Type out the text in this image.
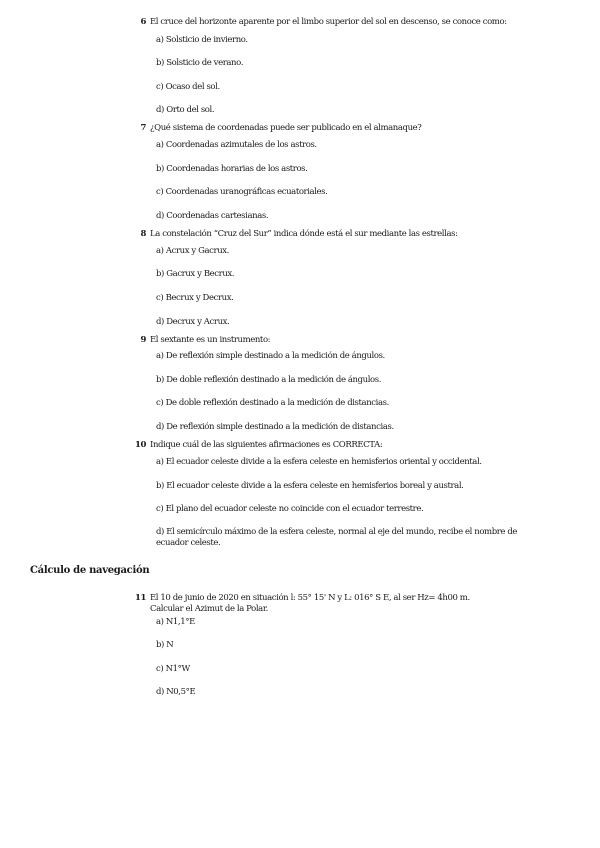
6 El cruce del horizonte aparente por el limbo superior del sol en descenso, se conoce como:
a) Solsticio de invierno.
b) Solsticio de verano.
c) Ocaso del sol.
d) Orto del sol.
7 ¿Qué sistema de coordenadas puede ser publicado en el almanaque?
a) Coordenadas azimutales de los astros.
b) Coordenadas horarias de los astros.
c) Coordenadas uranográficas ecuatoriales.
d) Coordenadas cartesianas.
8 La constelación “Cruz del Sur” indica dónde está el sur mediante las estrellas:
a) Acrux y Gacrux.
b) Gacrux y Becrux.
c) Becrux y Decrux.
d) Decrux y Acrux.
9 El sextante es un instrumento:
a) De reflexión simple destinado a la medición de ángulos.
b) De doble reflexión destinado a la medición de ángulos.
c) De doble reflexión destinado a la medición de distancias.
d) De reflexión simple destinado a la medición de distancias.
10 Indique cuál de las siguientes afirmaciones es CORRECTA:
a) El ecuador celeste divide a la esfera celeste en hemisferios oriental y occidental.
b) El ecuador celeste divide a la esfera celeste en hemisferios boreal y austral.
c) El plano del ecuador celeste no coincide con el ecuador terrestre.
d) El semicírculo máximo de la esfera celeste, normal al eje del mundo, recibe el nombre de ecuador celeste.
Cálculo de navegación
11 El 10 de junio de 2020 en situación l: 55° 15' N y L: 016° S E, al ser Hz= 4h00 m. Calcular el Azimut de la Polar.
a) N1,1°E
b) N
c) N1°W
d) N0,5°E
